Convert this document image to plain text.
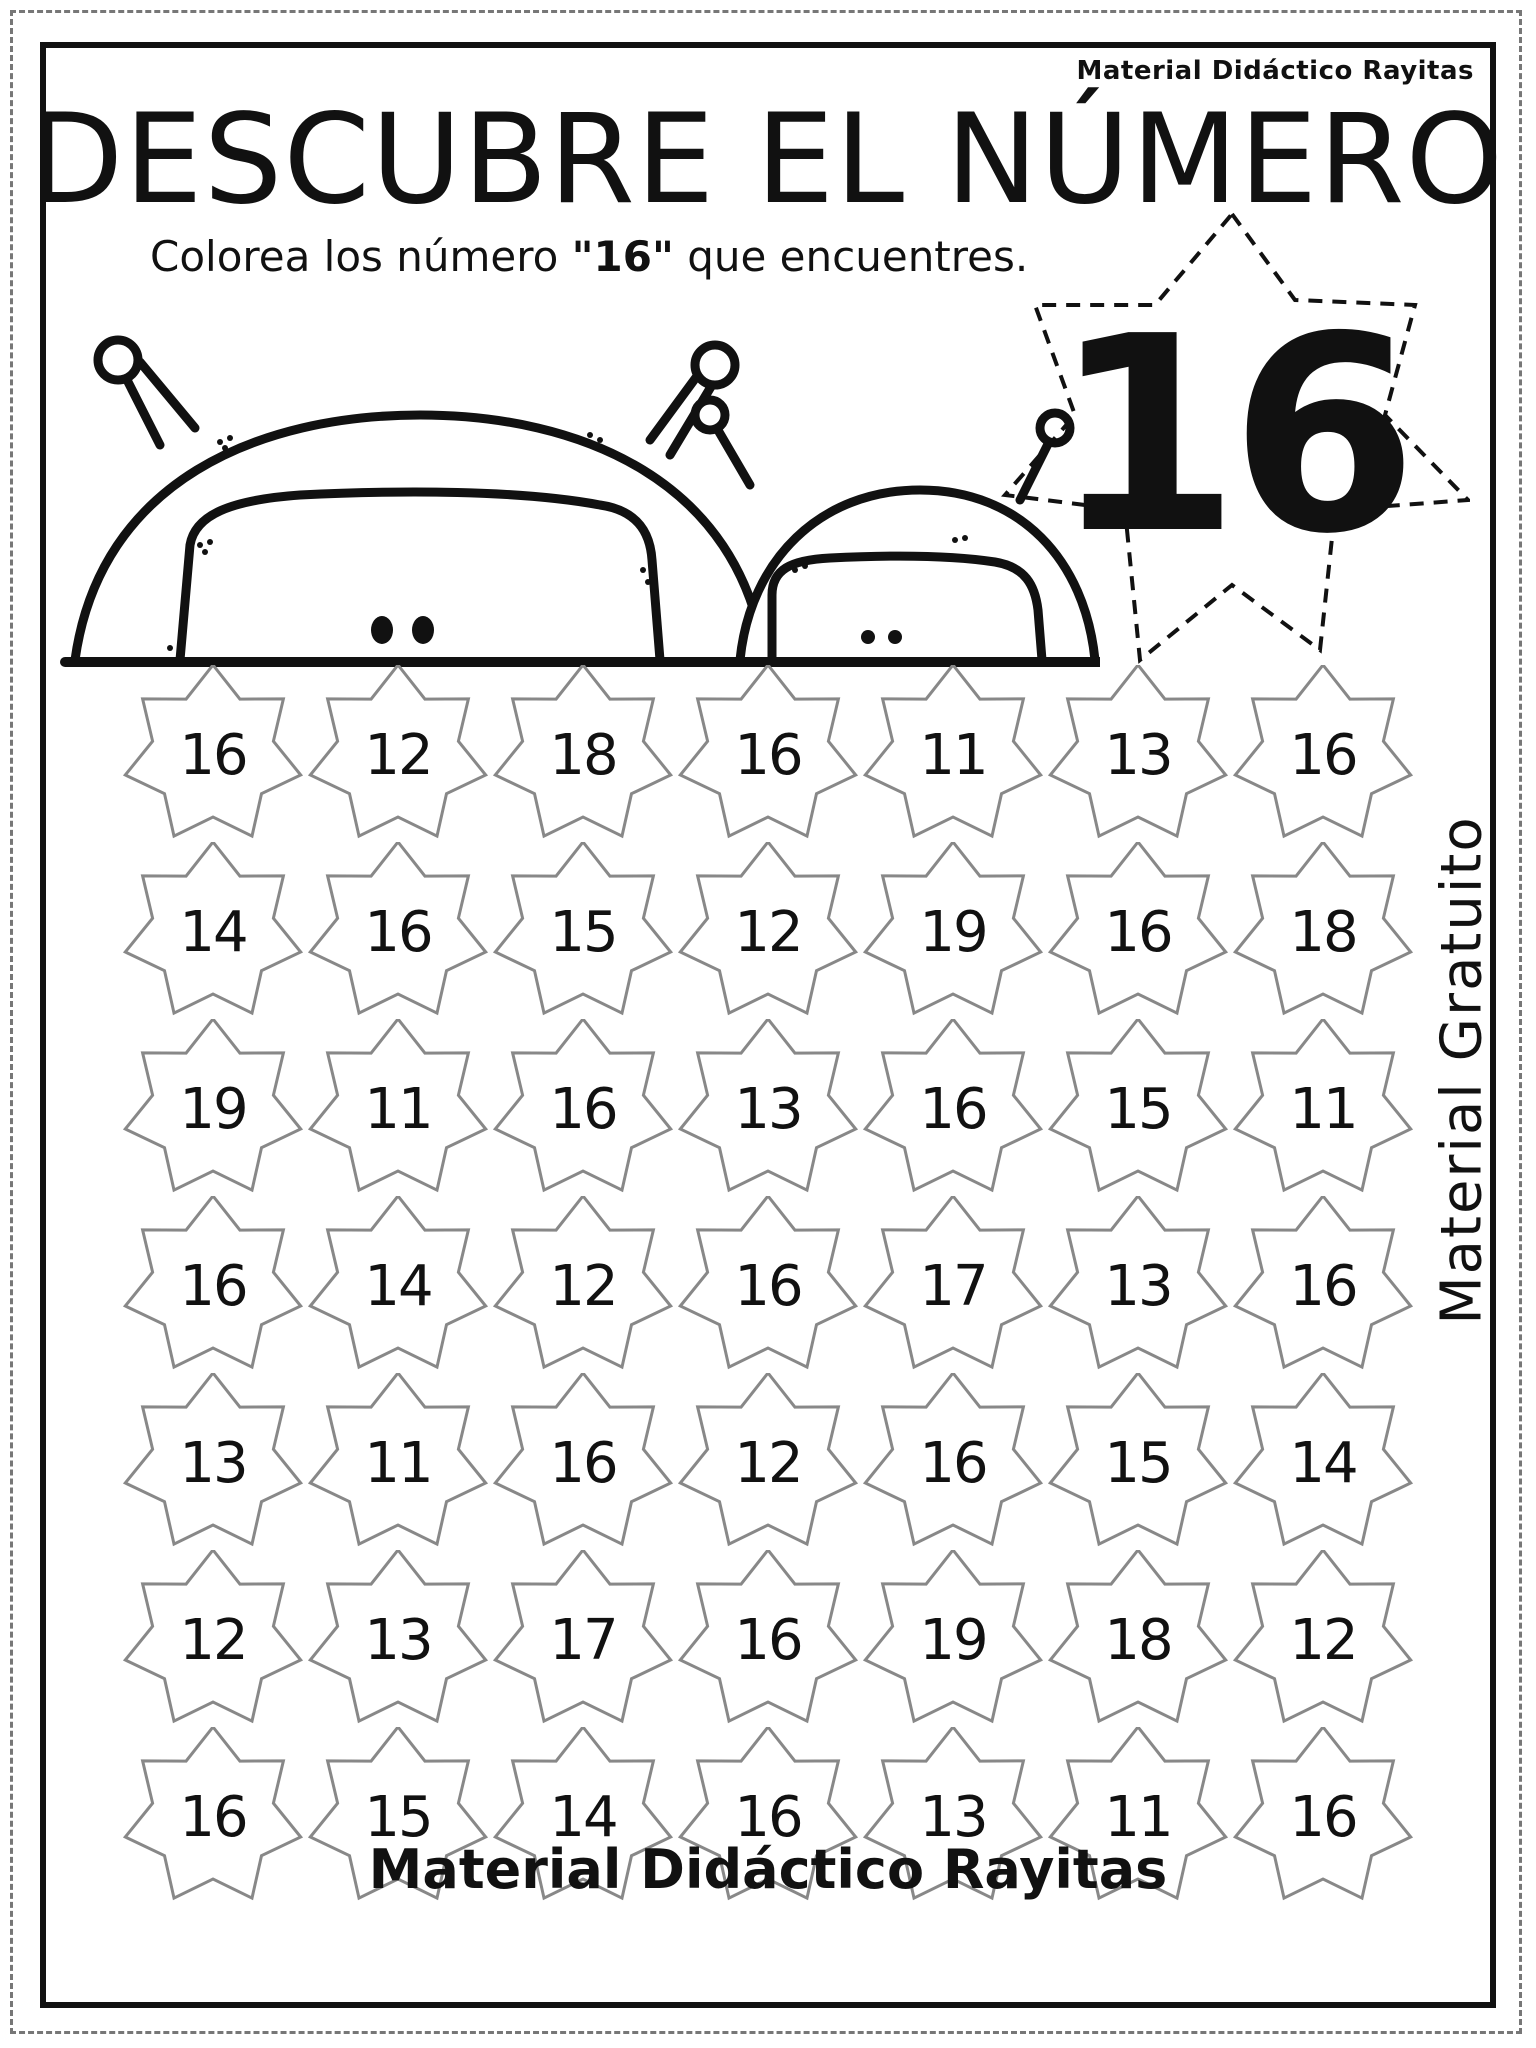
Material Didáctico Rayitas
DESCUBRE EL NÚMERO
Colorea los número "16" que encuentres.
16
16	12	18	16	11	13	16
14	16	15	12	19	16	18
19	11	16	13	16	15	11
16	14	12	16	17	13	16
13	11	16	12	16	15	14
12	13	17	16	19	18	12
16	15	14	16	13	11	16
Material Gratuito
Material Didáctico Rayitas
